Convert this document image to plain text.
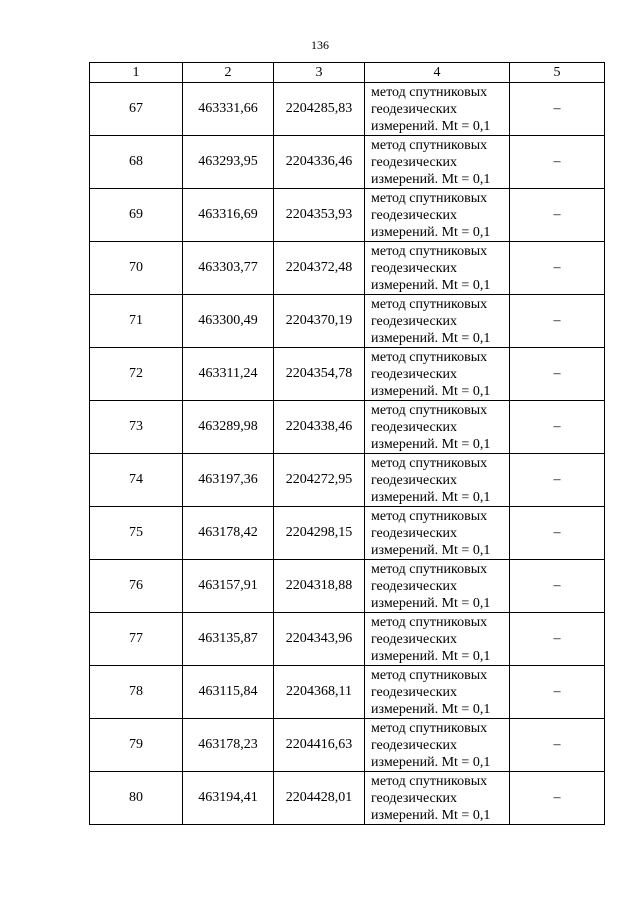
136
1	2	3	4	5
67	463331,66	2204285,83	метод спутниковых геодезических измерений. Mt = 0,1	–
68	463293,95	2204336,46	метод спутниковых геодезических измерений. Mt = 0,1	–
69	463316,69	2204353,93	метод спутниковых геодезических измерений. Mt = 0,1	–
70	463303,77	2204372,48	метод спутниковых геодезических измерений. Mt = 0,1	–
71	463300,49	2204370,19	метод спутниковых геодезических измерений. Mt = 0,1	–
72	463311,24	2204354,78	метод спутниковых геодезических измерений. Mt = 0,1	–
73	463289,98	2204338,46	метод спутниковых геодезических измерений. Mt = 0,1	–
74	463197,36	2204272,95	метод спутниковых геодезических измерений. Mt = 0,1	–
75	463178,42	2204298,15	метод спутниковых геодезических измерений. Mt = 0,1	–
76	463157,91	2204318,88	метод спутниковых геодезических измерений. Mt = 0,1	–
77	463135,87	2204343,96	метод спутниковых геодезических измерений. Mt = 0,1	–
78	463115,84	2204368,11	метод спутниковых геодезических измерений. Mt = 0,1	–
79	463178,23	2204416,63	метод спутниковых геодезических измерений. Mt = 0,1	–
80	463194,41	2204428,01	метод спутниковых геодезических измерений. Mt = 0,1	–
